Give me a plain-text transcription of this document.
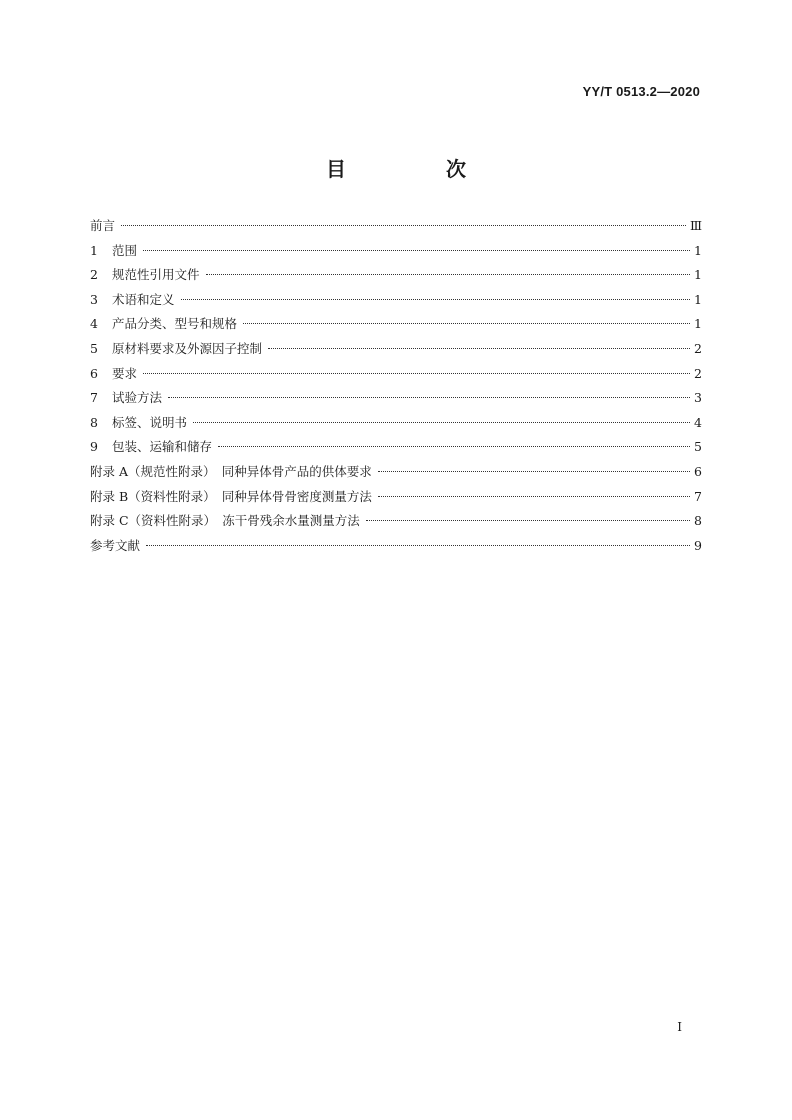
YY/T 0513.2—2020
目　次
前言	Ⅲ
1	范围	1
2	规范性引用文件	1
3	术语和定义	1
4	产品分类、型号和规格	1
5	原材料要求及外源因子控制	2
6	要求	2
7	试验方法	3
8	标签、说明书	4
9	包装、运输和储存	5
附录 A（规范性附录）　同种异体骨产品的供体要求	6
附录 B（资料性附录）　同种异体骨骨密度测量方法	7
附录 C（资料性附录）　冻干骨残余水量测量方法	8
参考文献	9
I
